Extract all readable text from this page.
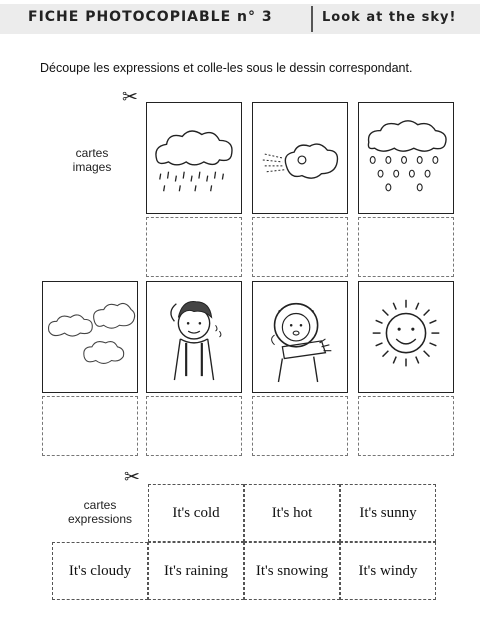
FICHE PHOTOCOPIABLE n° 3	Look at the sky!
Découpe les expressions et colle-les sous le dessin correspondant.
✂
cartes
images
✂
cartes
expressions	It's cold	It's hot	It's sunny
It's cloudy	It's raining	It's snowing	It's windy
